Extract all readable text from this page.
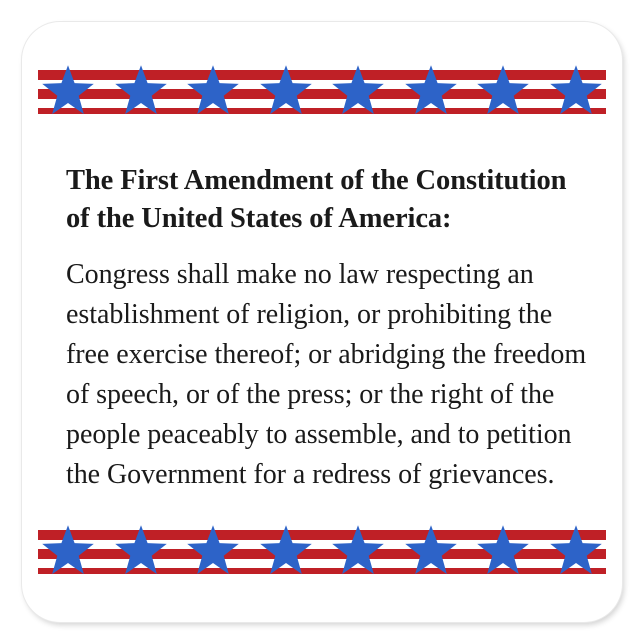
The First Amendment of the Constitution of the United States of America:

Congress shall make no law respecting an establishment of religion, or prohibiting the free exercise thereof; or abridging the freedom of speech, or of the press; or the right of the people peaceably to assemble, and to petition the Government for a redress of grievances.
